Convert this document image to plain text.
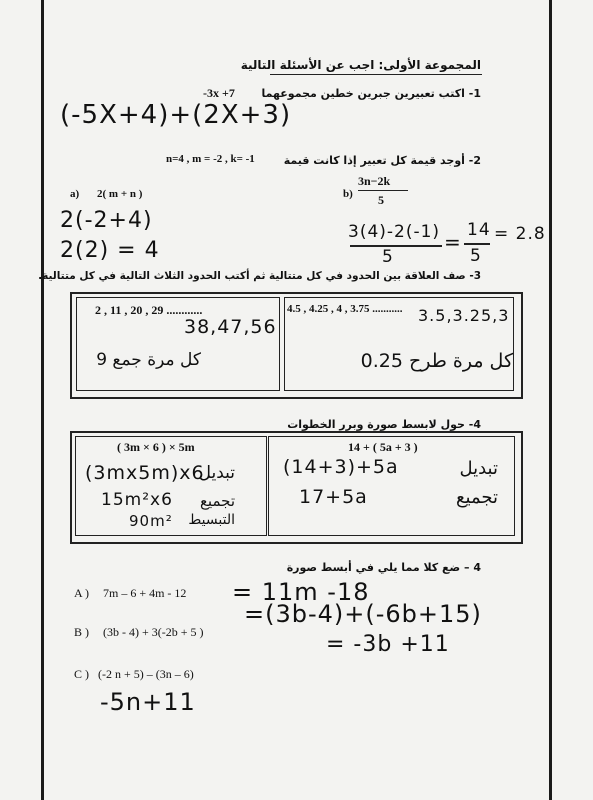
المجموعة الأولى: اجب عن الأسئلة التالية
1- اكتب تعبيرين جبرين خطين مجموعهما
-3x +7
(-5X+4)+(2X+3)
2- أوجد قيمة كل تعبير إذا كانت قيمة
n=4 , m = -2 , k= -1
a) 2( m + n )
2(-2+4)
2(2) = 4
b)
3n−2k
5
3(4)-2(-1)
5
= 14
5
= 2.8
3- صف العلاقة بين الحدود في كل متتالية ثم أكتب الحدود الثلاث التالية في كل متتالية.
2 , 11 , 20 , 29 ............
38,47,56
كل مرة جمع 9
4.5 , 4.25 , 4 , 3.75 ........... 3.5,3.25,3
كل مرة طرح 0.25
4- حول لابسط صورة وبرر الخطوات
( 3m × 6 ) × 5m
(3mx5m)x6
تبديل
15m²x6 تجميع
90m² التبسيط
14 + ( 5a + 3 )
(14+3)+5a	تبديل
17+5a	تجميع
4 – ضع كلا مما يلي في أبسط صورة
A ) 7m – 6 + 4m - 12 = 11m -18
B ) (3b - 4) + 3(-2b + 5 )
=(3b-4)+(-6b+15)
= -3b +11
C ) (-2 n + 5) – (3n – 6)
-5n+11
